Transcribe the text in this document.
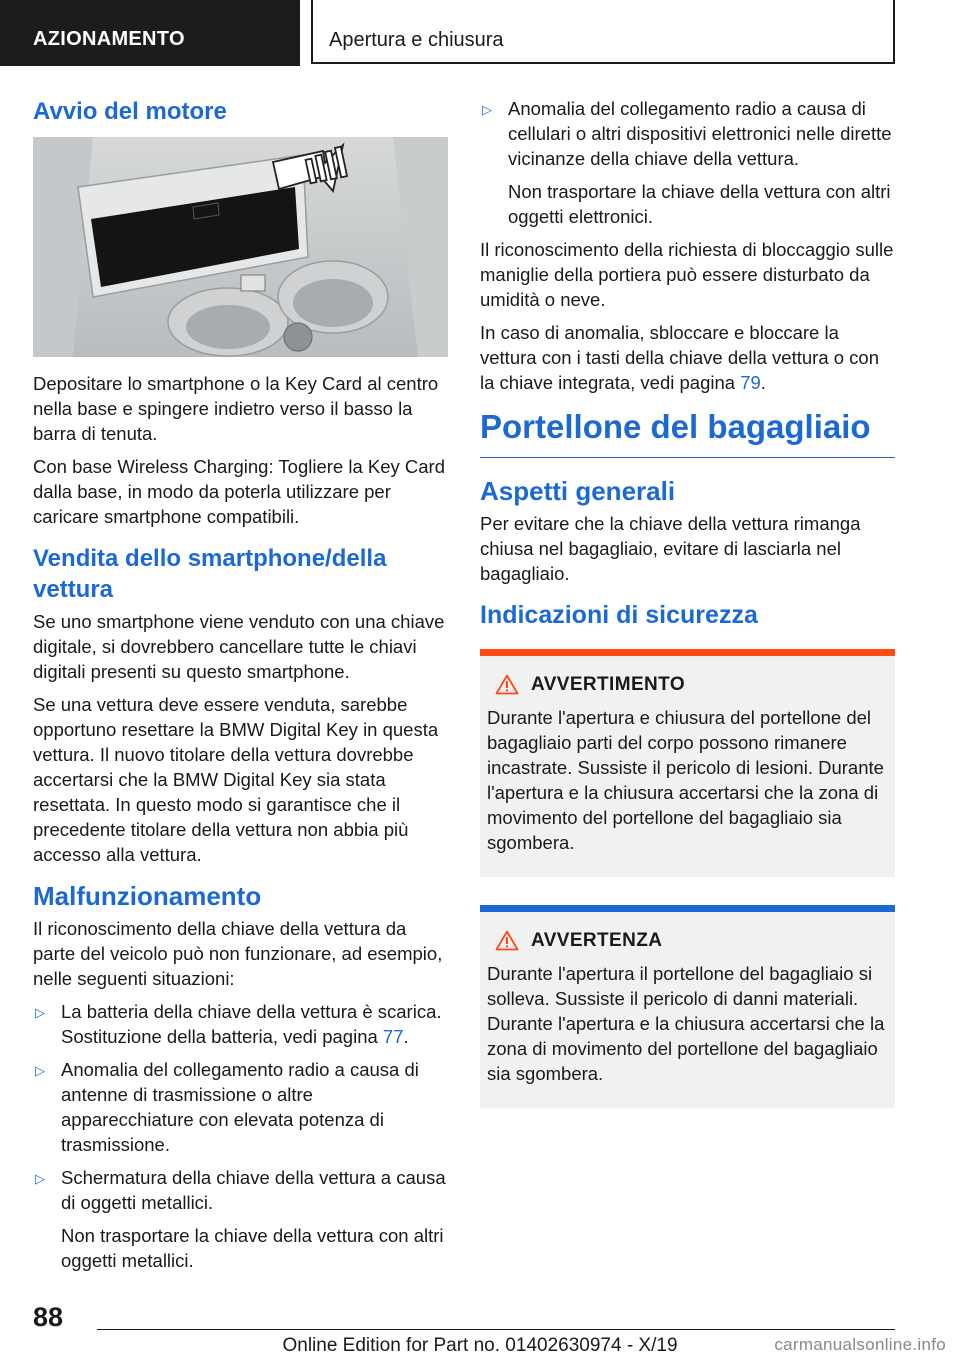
AZIONAMENTO	Apertura e chiusura
Avvio del motore

Depositare lo smartphone o la Key Card al centro nella base e spingere indietro verso il basso la barra di tenuta.

Con base Wireless Charging: Togliere la Key Card dalla base, in modo da poterla utilizzare per caricare smartphone compatibili.

Vendita dello smartphone/della vettura

Se uno smartphone viene venduto con una chiave digitale, si dovrebbero cancellare tutte le chiavi digitali presenti su questo smartphone.

Se una vettura deve essere venduta, sarebbe opportuno resettare la BMW Digital Key in questa vettura. Il nuovo titolare della vettura dovrebbe accertarsi che la BMW Digital Key sia stata resettata. In questo modo si garantisce che il precedente titolare della vettura non abbia più accesso alla vettura.

Malfunzionamento

Il riconoscimento della chiave della vettura da parte del veicolo può non funzionare, ad esempio, nelle seguenti situazioni:

▷ La batteria della chiave della vettura è scarica. Sostituzione della batteria, vedi pagina 77.
▷ Anomalia del collegamento radio a causa di antenne di trasmissione o altre apparecchiature con elevata potenza di trasmissione.
▷ Schermatura della chiave della vettura a causa di oggetti metallici.

Non trasportare la chiave della vettura con altri oggetti metallici.

▷ Anomalia del collegamento radio a causa di cellulari o altri dispositivi elettronici nelle dirette vicinanze della chiave della vettura.

Non trasportare la chiave della vettura con altri oggetti elettronici.

Il riconoscimento della richiesta di bloccaggio sulle maniglie della portiera può essere disturbato da umidità o neve.

In caso di anomalia, sbloccare e bloccare la vettura con i tasti della chiave della vettura o con la chiave integrata, vedi pagina 79.

Portellone del bagagliaio
Aspetti generali

Per evitare che la chiave della vettura rimanga chiusa nel bagagliaio, evitare di lasciarla nel bagagliaio.

Indicazioni di sicurezza
AVVERTIMENTO

Durante l'apertura e chiusura del portellone del bagagliaio parti del corpo possono rimanere incastrate. Sussiste il pericolo di lesioni. Durante l'apertura e la chiusura accertarsi che la zona di movimento del portellone del bagagliaio sia sgombera.

AVVERTENZA

Durante l'apertura il portellone del bagagliaio si solleva. Sussiste il pericolo di danni materiali. Durante l'apertura e la chiusura accertarsi che la zona di movimento del portellone del bagagliaio sia sgombera.

88
Online Edition for Part no. 01402630974 - X/19	carmanualsonline.info
